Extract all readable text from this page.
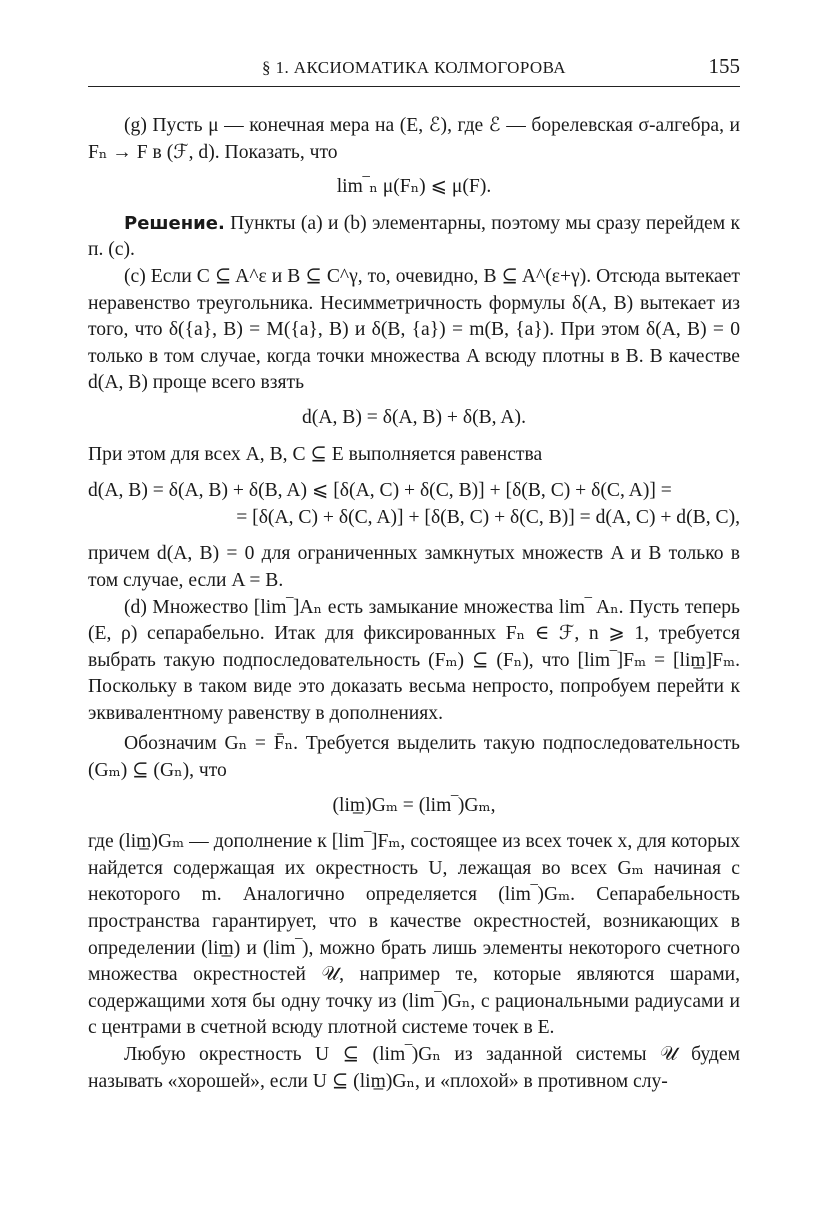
§ 1. АКСИОМАТИКА КОЛМОГОРОВА	155

(g) Пусть μ — конечная мера на (E, ℰ), где ℰ — борелевская σ-алгебра, и Fₙ → F в (ℱ, d). Показать, что

lim‾ₙ μ(Fₙ) ⩽ μ(F).

Решение. Пункты (a) и (b) элементарны, поэтому мы сразу перейдем к п. (с).

(c) Если C ⊆ A^ε и B ⊆ C^γ, то, очевидно, B ⊆ A^(ε+γ). Отсюда вытекает неравенство треугольника. Несимметричность формулы δ(A, B) вытекает из того, что δ({a}, B) = M({a}, B) и δ(B, {a}) = m(B, {a}). При этом δ(A, B) = 0 только в том случае, когда точки множества A всюду плотны в B. В качестве d(A, B) проще всего взять

d(A, B) = δ(A, B) + δ(B, A).

При этом для всех A, B, C ⊆ E выполняется равенства

d(A, B) = δ(A, B) + δ(B, A) ⩽ [δ(A, C) + δ(C, B)] + [δ(B, C) + δ(C, A)] =

= [δ(A, C) + δ(C, A)] + [δ(B, C) + δ(C, B)] = d(A, C) + d(B, C),

причем d(A, B) = 0 для ограниченных замкнутых множеств A и B только в том случае, если A = B.

(d) Множество [lim‾]Aₙ есть замыкание множества lim‾ Aₙ. Пусть теперь (E, ρ) сепарабельно. Итак для фиксированных Fₙ ∈ ℱ, n ⩾ 1, требуется выбрать такую подпоследовательность (Fₘ) ⊆ (Fₙ), что [lim‾]Fₘ = [lim̲]Fₘ. Поскольку в таком виде это доказать весьма непросто, попробуем перейти к эквивалентному равенству в дополнениях.

Обозначим Gₙ = F̄ₙ. Требуется выделить такую подпоследовательность (Gₘ) ⊆ (Gₙ), что

(lim̲)Gₘ = (lim‾)Gₘ,

где (lim̲)Gₘ — дополнение к [lim‾]Fₘ, состоящее из всех точек x, для которых найдется содержащая их окрестность U, лежащая во всех Gₘ начиная с некоторого m. Аналогично определяется (lim‾)Gₘ. Сепарабельность пространства гарантирует, что в качестве окрестностей, возникающих в определении (lim̲) и (lim‾), можно брать лишь элементы некоторого счетного множества окрестностей 𝒰, например те, которые являются шарами, содержащими хотя бы одну точку из (lim‾)Gₙ, с рациональными радиусами и с центрами в счетной всюду плотной системе точек в E.

Любую окрестность U ⊆ (lim‾)Gₙ из заданной системы 𝒰 будем называть «хорошей», если U ⊆ (lim̲)Gₙ, и «плохой» в противном слу-
